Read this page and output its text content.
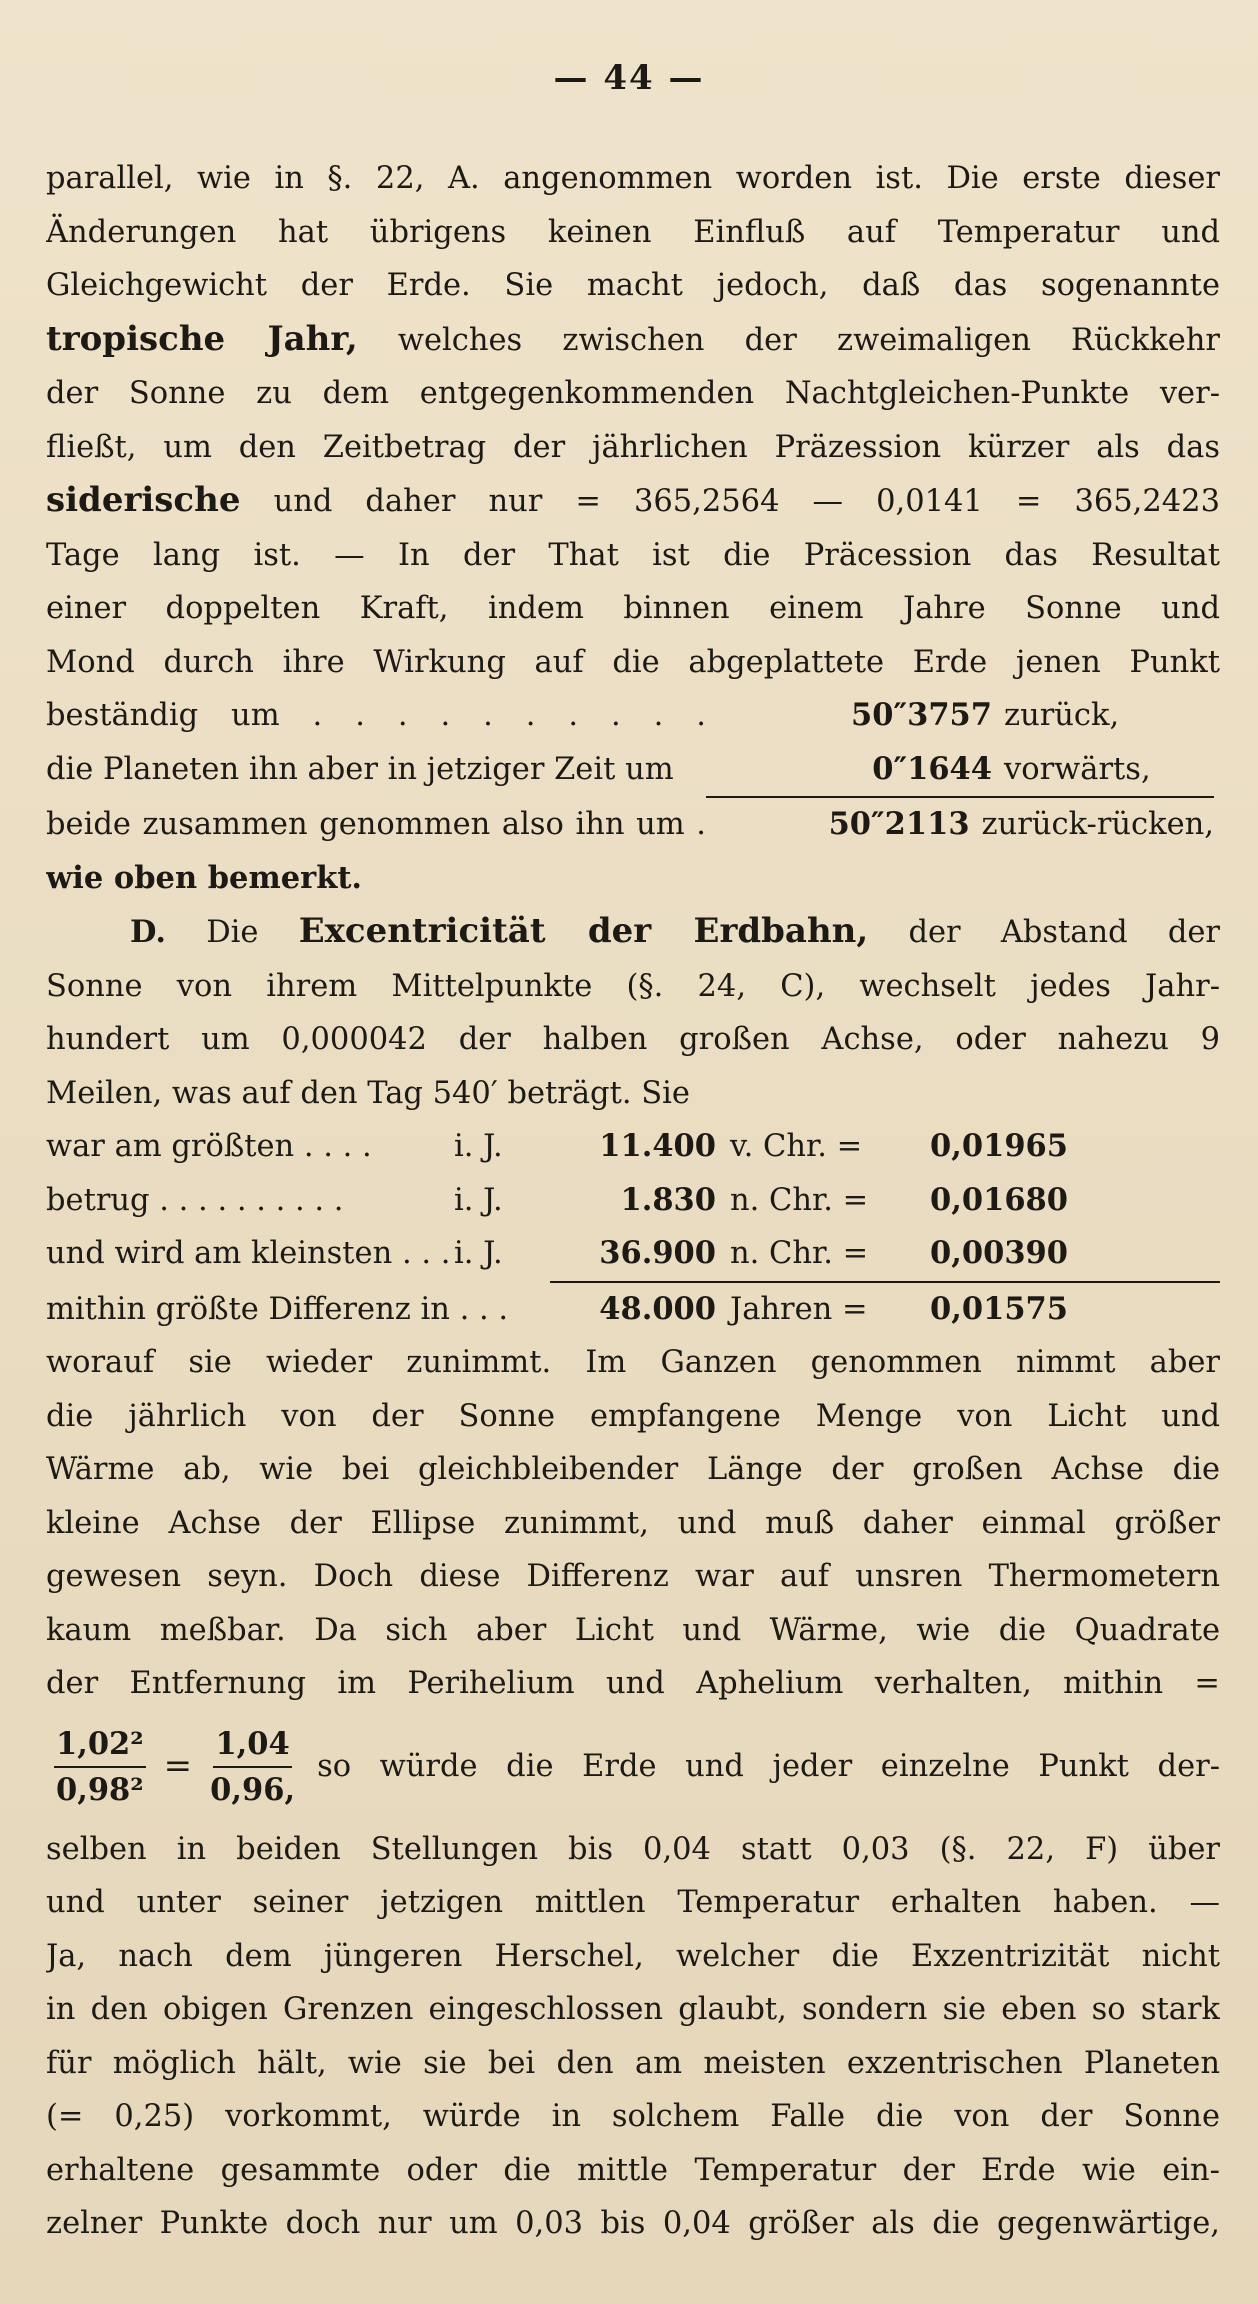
— 44 —
parallel, wie in §. 22, A. angenommen worden ist. Die erste dieser
Änderungen hat übrigens keinen Einfluß auf Temperatur und
Gleichgewicht der Erde. Sie macht jedoch, daß das sogenannte
tropische Jahr, welches zwischen der zweimaligen Rückkehr
der Sonne zu dem entgegenkommenden Nachtgleichen-Punkte ver-
fließt, um den Zeitbetrag der jährlichen Präzession kürzer als das
siderische und daher nur = 365,2564 — 0,0141 = 365,2423
Tage lang ist. — In der That ist die Präcession das Resultat
einer doppelten Kraft, indem binnen einem Jahre Sonne und
Mond durch ihre Wirkung auf die abgeplattete Erde jenen Punkt
beständig um . . . . . . . . . .	50″3757 zurück,
die Planeten ihn aber in jetziger Zeit um	0″1644 vorwärts,
beide zusammen genommen also ihn um .	50″2113 zurück-rücken,
wie oben bemerkt.
D. Die Excentricität der Erdbahn, der Abstand der
Sonne von ihrem Mittelpunkte (§. 24, C), wechselt jedes Jahr-
hundert um 0,000042 der halben großen Achse, oder nahezu 9
Meilen, was auf den Tag 540′ beträgt. Sie
war am größten . . . .	i. J.	11.400 v. Chr. =	0,01965
betrug . . . . . . . . . .	i. J.	1.830 n. Chr. =	0,01680
und wird am kleinsten . . . i. J.	36.900 n. Chr. =	0,00390
mithin größte Differenz in . . .	48.000 Jahren =	0,01575
worauf sie wieder zunimmt. Im Ganzen genommen nimmt aber
die jährlich von der Sonne empfangene Menge von Licht und
Wärme ab, wie bei gleichbleibender Länge der großen Achse die
kleine Achse der Ellipse zunimmt, und muß daher einmal größer
gewesen seyn. Doch diese Differenz war auf unsren Thermometern
kaum meßbar. Da sich aber Licht und Wärme, wie die Quadrate
der Entfernung im Perihelium und Aphelium verhalten, mithin =
$\frac{\text{1,02²}}{\text{0,98²}} = \frac{1,04}{0,96,}$ so würde die Erde und jeder einzelne Punkt der-
selben in beiden Stellungen bis 0,04 statt 0,03 (§. 22, F) über
und unter seiner jetzigen mittlen Temperatur erhalten haben. —
Ja, nach dem jüngeren Herschel, welcher die Exzentrizität nicht
in den obigen Grenzen eingeschlossen glaubt, sondern sie eben so stark
für möglich hält, wie sie bei den am meisten exzentrischen Planeten
(= 0,25) vorkommt, würde in solchem Falle die von der Sonne
erhaltene gesammte oder die mittle Temperatur der Erde wie ein-
zelner Punkte doch nur um 0,03 bis 0,04 größer als die gegenwärtige,
